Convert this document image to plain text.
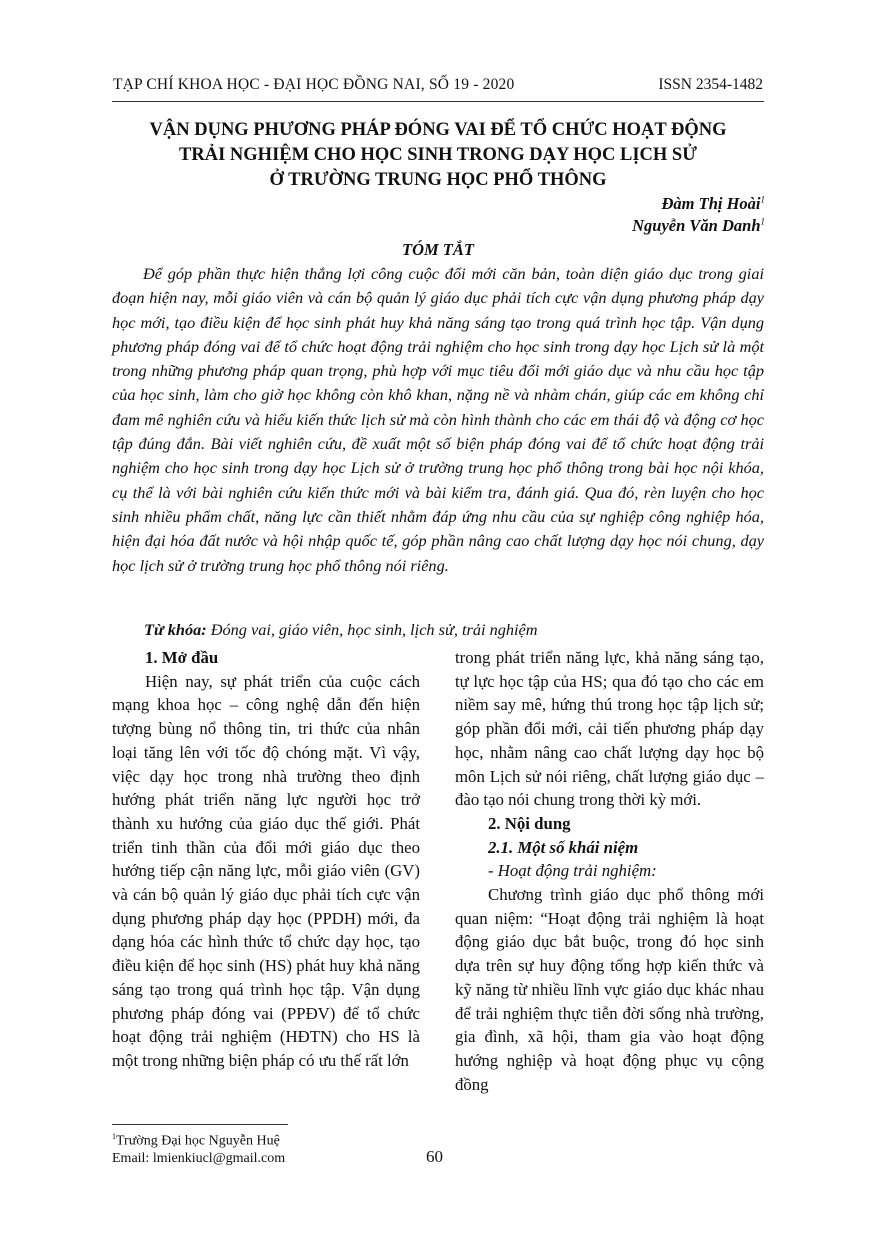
TẠP CHÍ KHOA HỌC - ĐẠI HỌC ĐỒNG NAI, SỐ 19 - 2020	ISSN 2354-1482
VẬN DỤNG PHƯƠNG PHÁP ĐÓNG VAI ĐỂ TỔ CHỨC HOẠT ĐỘNG
TRẢI NGHIỆM CHO HỌC SINH TRONG DẠY HỌC LỊCH SỬ
Ở TRƯỜNG TRUNG HỌC PHỔ THÔNG
Đàm Thị Hoài$^1$
Nguyễn Văn Danh$^1$
TÓM TẮT

Để góp phần thực hiện thắng lợi công cuộc đổi mới căn bản, toàn diện giáo dục trong giai đoạn hiện nay, mỗi giáo viên và cán bộ quản lý giáo dục phải tích cực vận dụng phương pháp dạy học mới, tạo điều kiện để học sinh phát huy khả năng sáng tạo trong quá trình học tập. Vận dụng phương pháp đóng vai để tổ chức hoạt động trải nghiệm cho học sinh trong dạy học Lịch sử là một trong những phương pháp quan trọng, phù hợp với mục tiêu đổi mới giáo dục và nhu cầu học tập của học sinh, làm cho giờ học không còn khô khan, nặng nề và nhàm chán, giúp các em không chỉ đam mê nghiên cứu và hiểu kiến thức lịch sử mà còn hình thành cho các em thái độ và động cơ học tập đúng đắn. Bài viết nghiên cứu, đề xuất một số biện pháp đóng vai để tổ chức hoạt động trải nghiệm cho học sinh trong dạy học Lịch sử ở trường trung học phổ thông trong bài học nội khóa, cụ thể là với bài nghiên cứu kiến thức mới và bài kiểm tra, đánh giá. Qua đó, rèn luyện cho học sinh nhiều phẩm chất, năng lực cần thiết nhằm đáp ứng nhu cầu của sự nghiệp công nghiệp hóa, hiện đại hóa đất nước và hội nhập quốc tế, góp phần nâng cao chất lượng dạy học nói chung, dạy học lịch sử ở trường trung học phổ thông nói riêng.

Từ khóa: Đóng vai, giáo viên, học sinh, lịch sử, trải nghiệm

1. Mở đầu

Hiện nay, sự phát triển của cuộc cách mạng khoa học – công nghệ dẫn đến hiện tượng bùng nổ thông tin, tri thức của nhân loại tăng lên với tốc độ chóng mặt. Vì vậy, việc dạy học trong nhà trường theo định hướng phát triển năng lực người học trở thành xu hướng của giáo dục thế giới. Phát triển tinh thần của đổi mới giáo dục theo hướng tiếp cận năng lực, mỗi giáo viên (GV) và cán bộ quản lý giáo dục phải tích cực vận dụng phương pháp dạy học (PPDH) mới, đa dạng hóa các hình thức tổ chức dạy học, tạo điều kiện để học sinh (HS) phát huy khả năng sáng tạo trong quá trình học tập. Vận dụng phương pháp đóng vai (PPĐV) để tổ chức hoạt động trải nghiệm (HĐTN) cho HS là một trong những biện pháp có ưu thế rất lớn

trong phát triển năng lực, khả năng sáng tạo, tự lực học tập của HS; qua đó tạo cho các em niềm say mê, hứng thú trong học tập lịch sử; góp phần đổi mới, cải tiến phương pháp dạy học, nhằm nâng cao chất lượng dạy học bộ môn Lịch sử nói riêng, chất lượng giáo dục – đào tạo nói chung trong thời kỳ mới.

2. Nội dung

2.1. Một số khái niệm

- Hoạt động trải nghiệm:

Chương trình giáo dục phổ thông mới quan niệm: “Hoạt động trải nghiệm là hoạt động giáo dục bắt buộc, trong đó học sinh dựa trên sự huy động tổng hợp kiến thức và kỹ năng từ nhiều lĩnh vực giáo dục khác nhau để trải nghiệm thực tiễn đời sống nhà trường, gia đình, xã hội, tham gia vào hoạt động hướng nghiệp và hoạt động phục vụ cộng đồng

$^1$Trường Đại học Nguyễn Huệ
Email: lmienkiucl@gmail.com	60
